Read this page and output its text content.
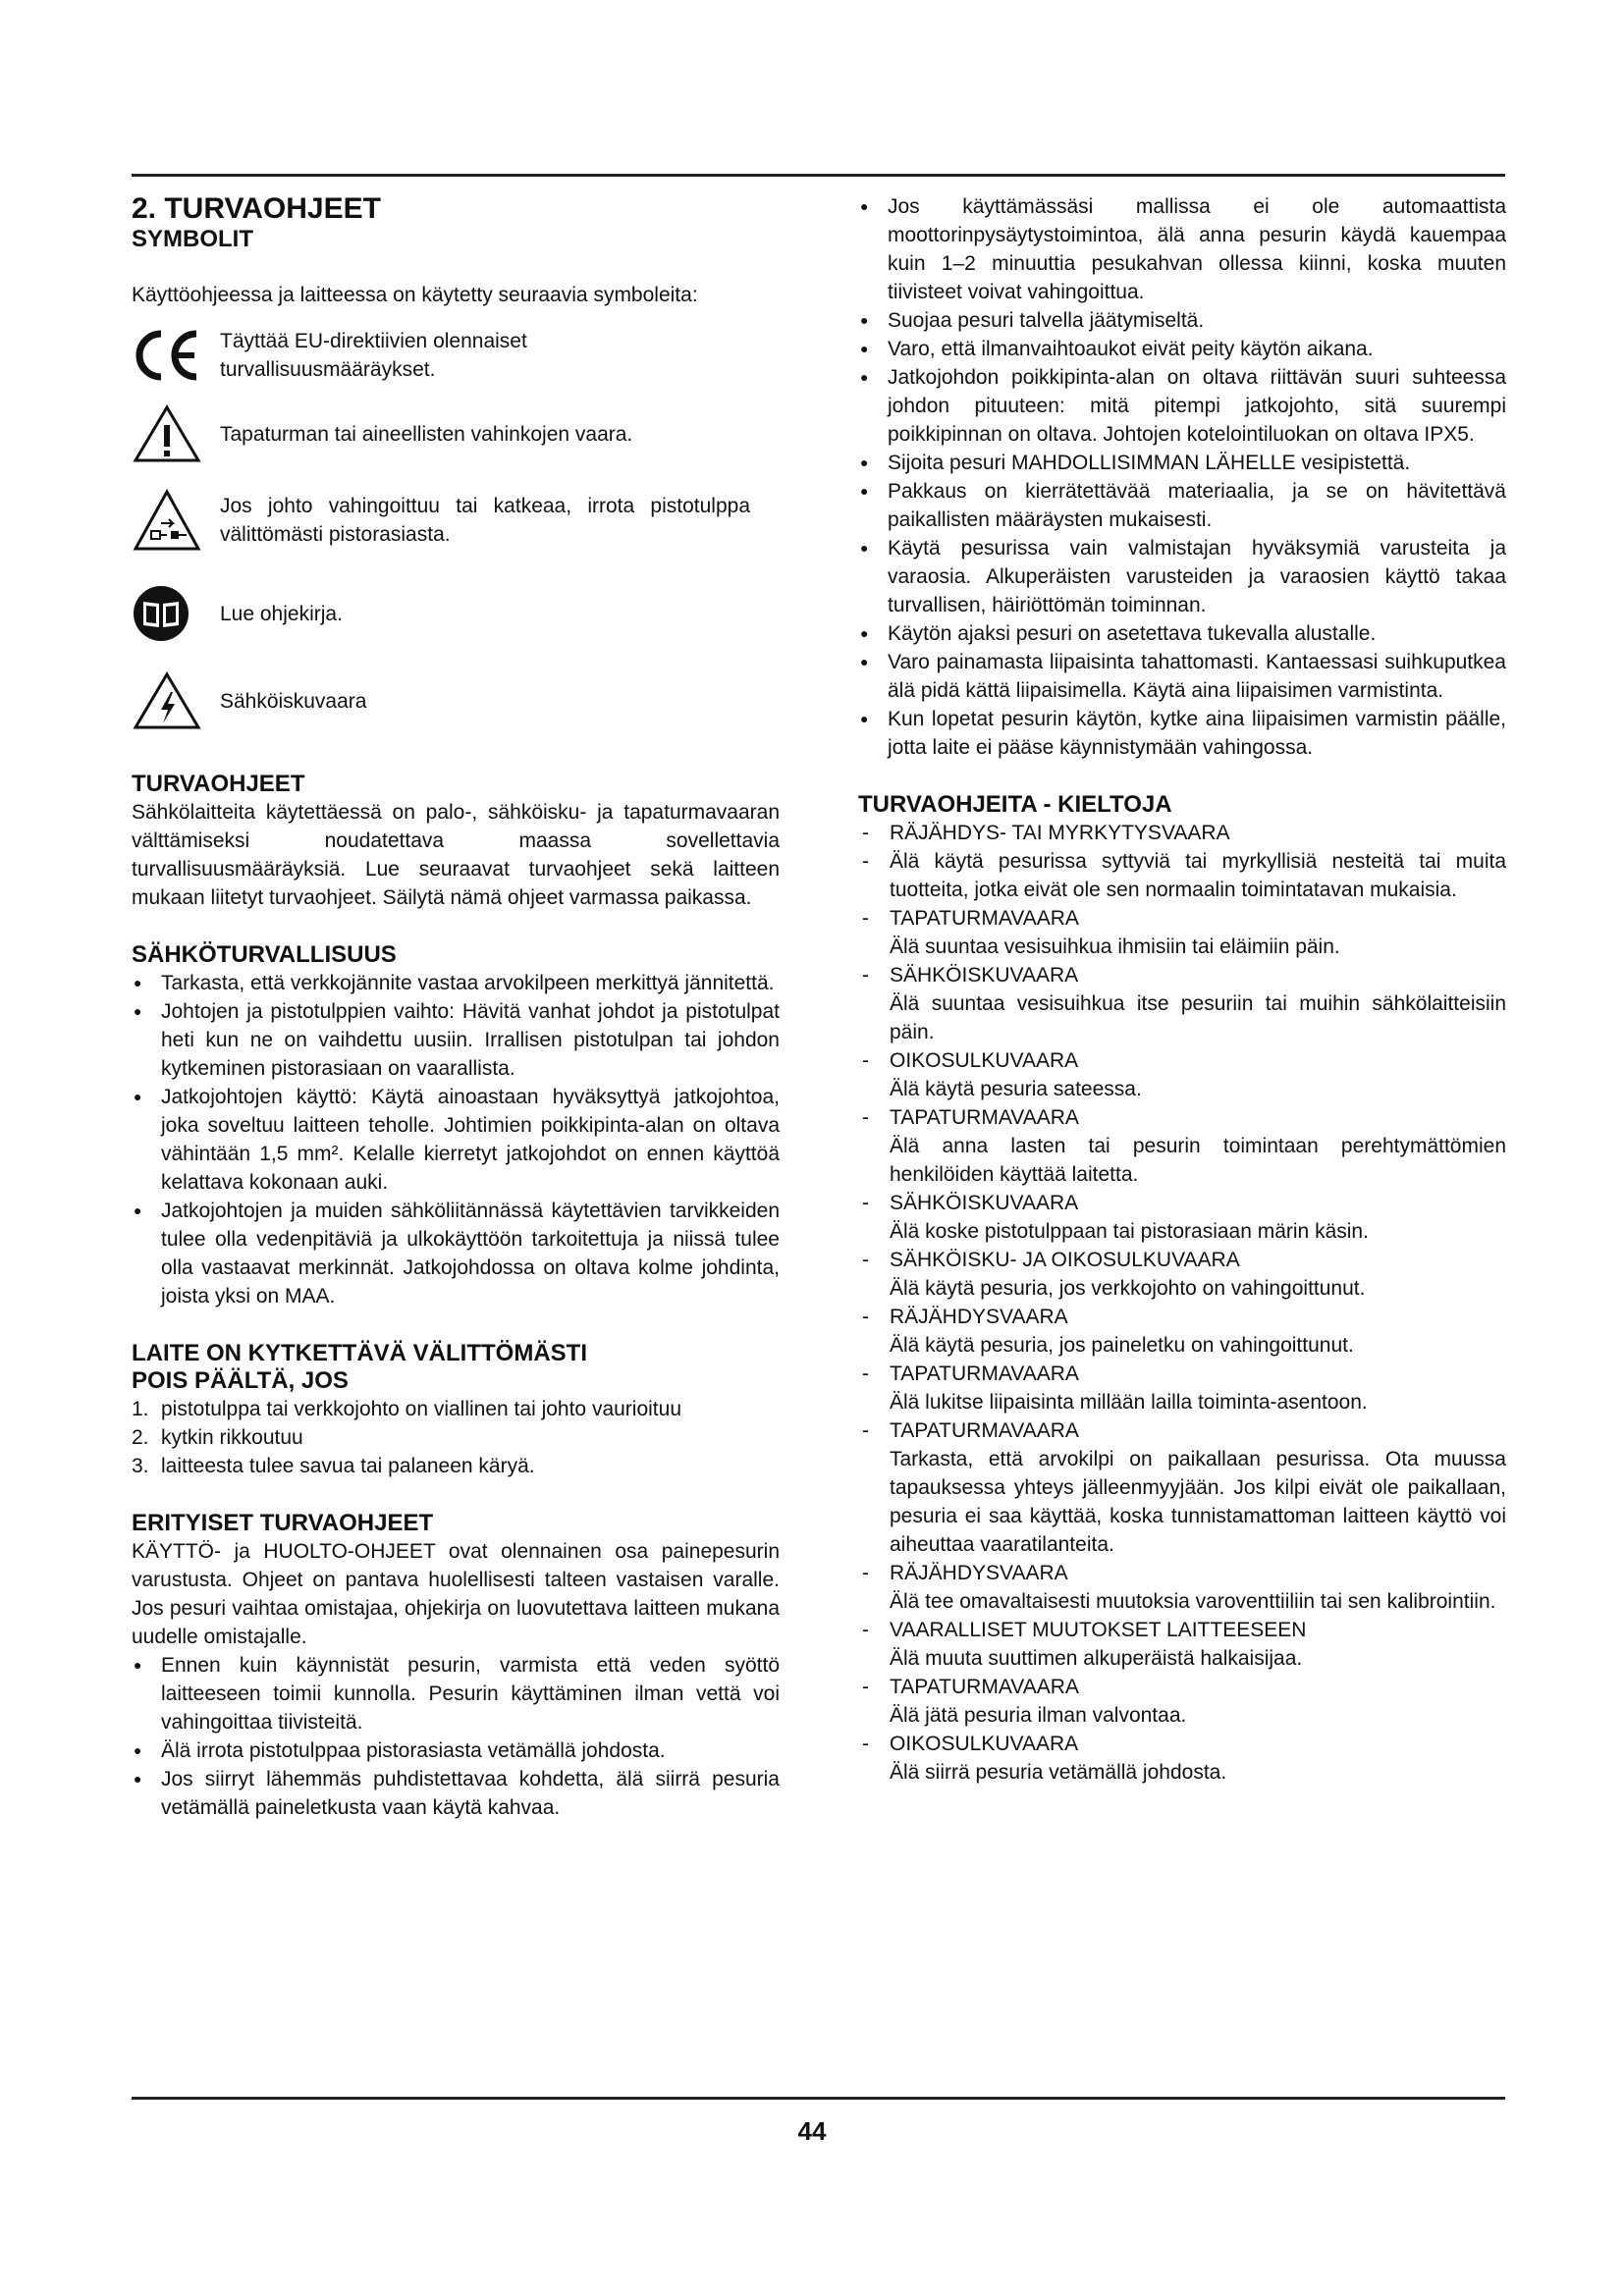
2. TURVAOHJEET
SYMBOLIT

Käyttöohjeessa ja laitteessa on käytetty seuraavia symboleita:

Täyttää EU-direktiivien olennaiset turvallisuusmääräykset.
Tapaturman tai aineellisten vahinkojen vaara.
Jos johto vahingoittuu tai katkeaa, irrota pistotulppa välittömästi pistorasiasta.
Lue ohjekirja.
Sähköiskuvaara
TURVAOHJEET

Sähkölaitteita käytettäessä on palo-, sähköisku- ja tapaturmavaaran välttämiseksi noudatettava maassa sovellettavia turvallisuusmääräyksiä. Lue seuraavat turvaohjeet sekä laitteen mukaan liitetyt turvaohjeet. Säilytä nämä ohjeet varmassa paikassa.

SÄHKÖTURVALLISUUS
● Tarkasta, että verkkojännite vastaa arvokilpeen merkittyä jännitettä.
● Johtojen ja pistotulppien vaihto: Hävitä vanhat johdot ja pistotulpat heti kun ne on vaihdettu uusiin. Irrallisen pistotulpan tai johdon kytkeminen pistorasiaan on vaarallista.
● Jatkojohtojen käyttö: Käytä ainoastaan hyväksyttyä jatkojohtoa, joka soveltuu laitteen teholle. Johtimien poikkipinta-alan on oltava vähintään 1,5 mm². Kelalle kierretyt jatkojohdot on ennen käyttöä kelattava kokonaan auki.
● Jatkojohtojen ja muiden sähköliitännässä käytettävien tarvikkeiden tulee olla vedenpitäviä ja ulkokäyttöön tarkoitettuja ja niissä tulee olla vastaavat merkinnät. Jatkojohdossa on oltava kolme johdinta, joista yksi on MAA.
LAITE ON KYTKETTÄVÄ VÄLITTÖMÄSTI
POIS PÄÄLTÄ, JOS
1. pistotulppa tai verkkojohto on viallinen tai johto vaurioituu
2. kytkin rikkoutuu
3. laitteesta tulee savua tai palaneen käryä.
ERITYISET TURVAOHJEET

KÄYTTÖ- ja HUOLTO-OHJEET ovat olennainen osa painepesurin varustusta. Ohjeet on pantava huolellisesti talteen vastaisen varalle. Jos pesuri vaihtaa omistajaa, ohjekirja on luovutettava laitteen mukana uudelle omistajalle.

● Ennen kuin käynnistät pesurin, varmista että veden syöttö laitteeseen toimii kunnolla. Pesurin käyttäminen ilman vettä voi vahingoittaa tiivisteitä.
● Älä irrota pistotulppaa pistorasiasta vetämällä johdosta.
● Jos siirryt lähemmäs puhdistettavaa kohdetta, älä siirrä pesuria vetämällä paineletkusta vaan käytä kahvaa.
● Jos käyttämässäsi mallissa ei ole automaattista moottorinpysäytystoimintoa, älä anna pesurin käydä kauempaa kuin 1–2 minuuttia pesukahvan ollessa kiinni, koska muuten tiivisteet voivat vahingoittua.
● Suojaa pesuri talvella jäätymiseltä.
● Varo, että ilmanvaihtoaukot eivät peity käytön aikana.
● Jatkojohdon poikkipinta-alan on oltava riittävän suuri suhteessa johdon pituuteen: mitä pitempi jatkojohto, sitä suurempi poikkipinnan on oltava. Johtojen kotelointiluokan on oltava IPX5.
● Sijoita pesuri MAHDOLLISIMMAN LÄHELLE vesipistettä.
● Pakkaus on kierrätettävää materiaalia, ja se on hävitettävä paikallisten määräysten mukaisesti.
● Käytä pesurissa vain valmistajan hyväksymiä varusteita ja varaosia. Alkuperäisten varusteiden ja varaosien käyttö takaa turvallisen, häiriöttömän toiminnan.
● Käytön ajaksi pesuri on asetettava tukevalla alustalle.
● Varo painamasta liipaisinta tahattomasti. Kantaessasi suihkuputkea älä pidä kättä liipaisimella. Käytä aina liipaisimen varmistinta.
● Kun lopetat pesurin käytön, kytke aina liipaisimen varmistin päälle, jotta laite ei pääse käynnistymään vahingossa.
TURVAOHJEITA - KIELTOJA
- RÄJÄHDYS- TAI MYRKYTYSVAARA
- Älä käytä pesurissa syttyviä tai myrkyllisiä nesteitä tai muita tuotteita, jotka eivät ole sen normaalin toimintatavan mukaisia.
- TAPATURMAVAARA
Älä suuntaa vesisuihkua ihmisiin tai eläimiin päin.
- SÄHKÖISKUVAARA
Älä suuntaa vesisuihkua itse pesuriin tai muihin sähkölaitteisiin päin.
- OIKOSULKUVAARA
Älä käytä pesuria sateessa.
- TAPATURMAVAARA
Älä anna lasten tai pesurin toimintaan perehtymättömien henkilöiden käyttää laitetta.
- SÄHKÖISKUVAARA
Älä koske pistotulppaan tai pistorasiaan märin käsin.
- SÄHKÖISKU- JA OIKOSULKUVAARA
Älä käytä pesuria, jos verkkojohto on vahingoittunut.
- RÄJÄHDYSVAARA
Älä käytä pesuria, jos paineletku on vahingoittunut.
- TAPATURMAVAARA
Älä lukitse liipaisinta millään lailla toiminta-asentoon.
- TAPATURMAVAARA
Tarkasta, että arvokilpi on paikallaan pesurissa. Ota muussa tapauksessa yhteys jälleenmyyjään. Jos kilpi eivät ole paikallaan, pesuria ei saa käyttää, koska tunnistamattoman laitteen käyttö voi aiheuttaa vaaratilanteita.
- RÄJÄHDYSVAARA
Älä tee omavaltaisesti muutoksia varoventtiiliin tai sen kalibrointiin.
- VAARALLISET MUUTOKSET LAITTEESEEN
Älä muuta suuttimen alkuperäistä halkaisijaa.
- TAPATURMAVAARA
Älä jätä pesuria ilman valvontaa.
- OIKOSULKUVAARA
Älä siirrä pesuria vetämällä johdosta.
44
